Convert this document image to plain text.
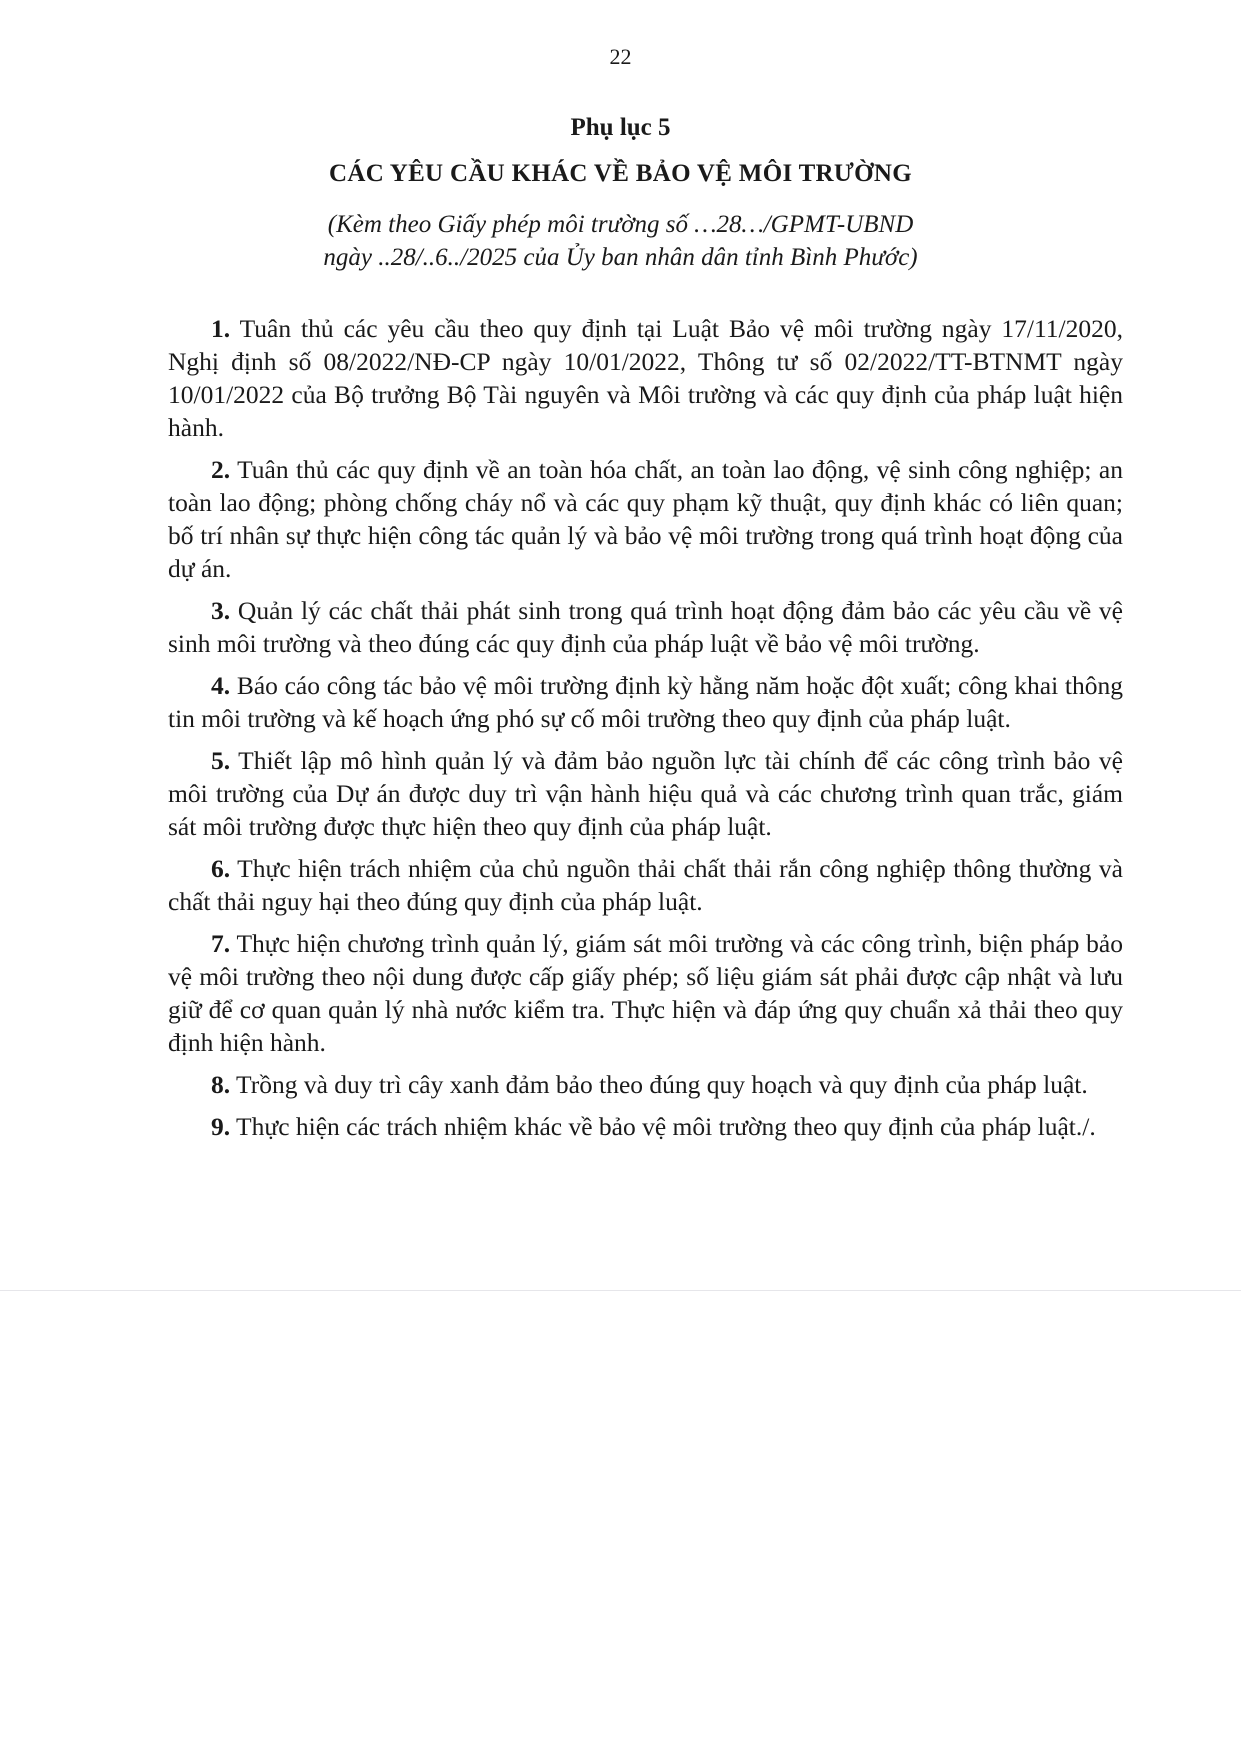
22
Phụ lục 5
CÁC YÊU CẦU KHÁC VỀ BẢO VỆ MÔI TRƯỜNG
(Kèm theo Giấy phép môi trường số …28…/GPMT-UBND
ngày ..28/..6../2025 của Ủy ban nhân dân tỉnh Bình Phước)

1. Tuân thủ các yêu cầu theo quy định tại Luật Bảo vệ môi trường ngày 17/11/2020, Nghị định số 08/2022/NĐ-CP ngày 10/01/2022, Thông tư số 02/2022/TT-BTNMT ngày 10/01/2022 của Bộ trưởng Bộ Tài nguyên và Môi trường và các quy định của pháp luật hiện hành.

2. Tuân thủ các quy định về an toàn hóa chất, an toàn lao động, vệ sinh công nghiệp; an toàn lao động; phòng chống cháy nổ và các quy phạm kỹ thuật, quy định khác có liên quan; bố trí nhân sự thực hiện công tác quản lý và bảo vệ môi trường trong quá trình hoạt động của dự án.

3. Quản lý các chất thải phát sinh trong quá trình hoạt động đảm bảo các yêu cầu về vệ sinh môi trường và theo đúng các quy định của pháp luật về bảo vệ môi trường.

4. Báo cáo công tác bảo vệ môi trường định kỳ hằng năm hoặc đột xuất; công khai thông tin môi trường và kế hoạch ứng phó sự cố môi trường theo quy định của pháp luật.

5. Thiết lập mô hình quản lý và đảm bảo nguồn lực tài chính để các công trình bảo vệ môi trường của Dự án được duy trì vận hành hiệu quả và các chương trình quan trắc, giám sát môi trường được thực hiện theo quy định của pháp luật.

6. Thực hiện trách nhiệm của chủ nguồn thải chất thải rắn công nghiệp thông thường và chất thải nguy hại theo đúng quy định của pháp luật.

7. Thực hiện chương trình quản lý, giám sát môi trường và các công trình, biện pháp bảo vệ môi trường theo nội dung được cấp giấy phép; số liệu giám sát phải được cập nhật và lưu giữ để cơ quan quản lý nhà nước kiểm tra. Thực hiện và đáp ứng quy chuẩn xả thải theo quy định hiện hành.

8. Trồng và duy trì cây xanh đảm bảo theo đúng quy hoạch và quy định của pháp luật.

9. Thực hiện các trách nhiệm khác về bảo vệ môi trường theo quy định của pháp luật./.
